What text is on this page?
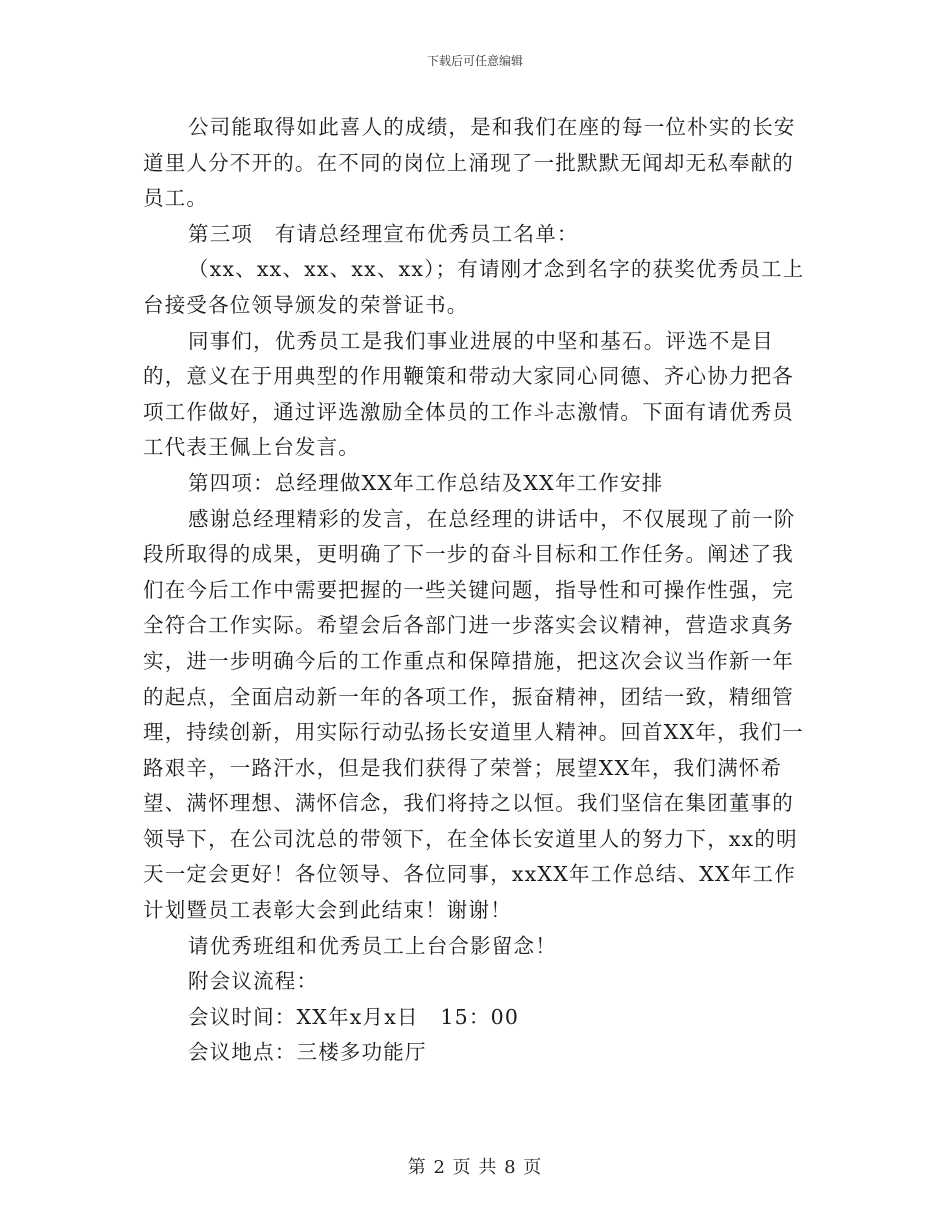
下载后可任意编辑

公司能取得如此喜人的成绩，是和我们在座的每一位朴实的长安道里人分不开的。在不同的岗位上涌现了一批默默无闻却无私奉献的员工。

第三项　有请总经理宣布优秀员工名单：

（xx、xx、xx、xx、xx）；有请刚才念到名字的获奖优秀员工上台接受各位领导颁发的荣誉证书。

同事们，优秀员工是我们事业进展的中坚和基石。评选不是目的，意义在于用典型的作用鞭策和带动大家同心同德、齐心协力把各项工作做好，通过评选激励全体员的工作斗志激情。下面有请优秀员工代表王佩上台发言。

第四项：总经理做XX年工作总结及XX年工作安排

感谢总经理精彩的发言，在总经理的讲话中，不仅展现了前一阶段所取得的成果，更明确了下一步的奋斗目标和工作任务。阐述了我们在今后工作中需要把握的一些关键问题，指导性和可操作性强，完全符合工作实际。希望会后各部门进一步落实会议精神，营造求真务实，进一步明确今后的工作重点和保障措施，把这次会议当作新一年的起点，全面启动新一年的各项工作，振奋精神，团结一致，精细管理，持续创新，用实际行动弘扬长安道里人精神。回首XX年，我们一路艰辛，一路汗水，但是我们获得了荣誉；展望XX年，我们满怀希望、满怀理想、满怀信念，我们将持之以恒。我们坚信在集团董事的领导下，在公司沈总的带领下，在全体长安道里人的努力下，xx的明天一定会更好！各位领导、各位同事，xxXX年工作总结、XX年工作计划暨员工表彰大会到此结束！谢谢！

请优秀班组和优秀员工上台合影留念！

附会议流程：

会议时间：XX年x月x日　15：00

会议地点：三楼多功能厅

第 2 页 共 8 页
